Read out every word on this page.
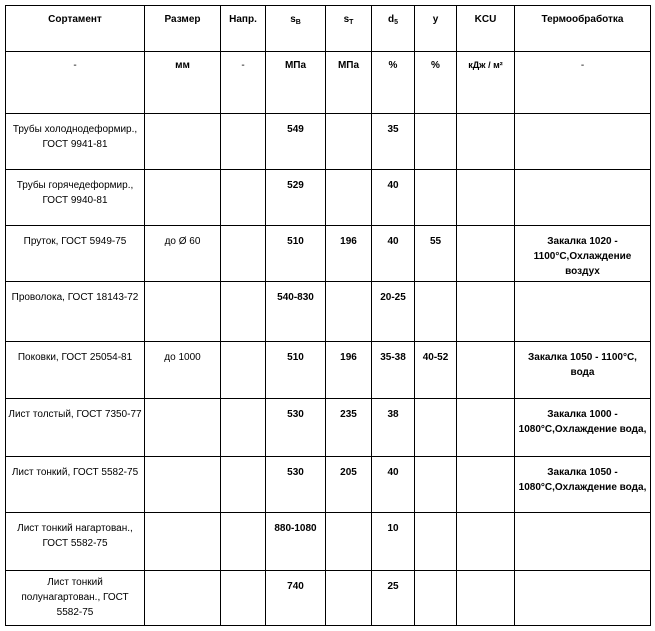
Сортамент	Размер	Напр.	$s_В$	$s_T$	$d_5$	y	KCU	Термообработка
-	мм	-	МПа	МПа	%	%	кДж / м²	-
Трубы холоднодеформир., ГОСТ 9941-81			549		35			
Трубы горячедеформир., ГОСТ 9940-81			529		40			
Пруток, ГОСТ 5949-75	до Ø 60		510	196	40	55		Закалка 1020 - 1100°С,Охлаждение воздух
Проволока, ГОСТ 18143-72			540-830		20-25			
Поковки, ГОСТ 25054-81	до 1000		510	196	35-38	40-52		Закалка 1050 - 1100°С, вода
Лист толстый, ГОСТ 7350-77			530	235	38			Закалка 1000 - 1080°С,Охлаждение вода,
Лист тонкий, ГОСТ 5582-75			530	205	40			Закалка 1050 - 1080°С,Охлаждение вода,
Лист тонкий нагартован., ГОСТ 5582-75			880-1080		10			
Лист тонкий полунагартован., ГОСТ 5582-75			740		25			
